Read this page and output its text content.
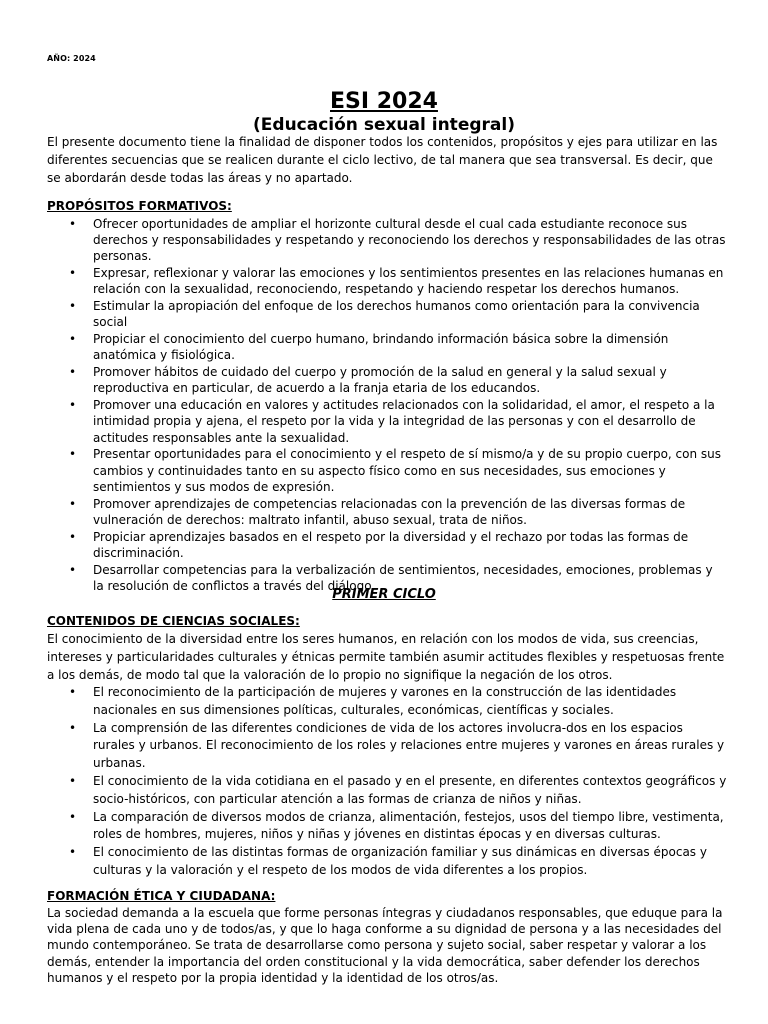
AÑO: 2024
ESI 2024
(Educación sexual integral)
El presente documento tiene la finalidad de disponer todos los contenidos, propósitos y ejes para utilizar en las diferentes secuencias que se realicen durante el ciclo lectivo, de tal manera que sea transversal. Es decir, que se abordarán desde todas las áreas y no apartado.
PROPÓSITOS FORMATIVOS:
• Ofrecer oportunidades de ampliar el horizonte cultural desde el cual cada estudiante reconoce sus derechos y responsabilidades y respetando y reconociendo los derechos y responsabilidades de las otras personas.
• Expresar, reflexionar y valorar las emociones y los sentimientos presentes en las relaciones humanas en relación con la sexualidad, reconociendo, respetando y haciendo respetar los derechos humanos.
• Estimular la apropiación del enfoque de los derechos humanos como orientación para la convivencia social
• Propiciar el conocimiento del cuerpo humano, brindando información básica sobre la dimensión anatómica y fisiológica.
• Promover hábitos de cuidado del cuerpo y promoción de la salud en general y la salud sexual y reproductiva en particular, de acuerdo a la franja etaria de los educandos.
• Promover una educación en valores y actitudes relacionados con la solidaridad, el amor, el respeto a la intimidad propia y ajena, el respeto por la vida y la integridad de las personas y con el desarrollo de actitudes responsables ante la sexualidad.
• Presentar oportunidades para el conocimiento y el respeto de sí mismo/a y de su propio cuerpo, con sus cambios y continuidades tanto en su aspecto físico como en sus necesidades, sus emociones y sentimientos y sus modos de expresión.
• Promover aprendizajes de competencias relacionadas con la prevención de las diversas formas de vulneración de derechos: maltrato infantil, abuso sexual, trata de niños.
• Propiciar aprendizajes basados en el respeto por la diversidad y el rechazo por todas las formas de discriminación.
• Desarrollar competencias para la verbalización de sentimientos, necesidades, emociones, problemas y la resolución de conflictos a través del diálogo.
PRIMER CICLO
CONTENIDOS DE CIENCIAS SOCIALES:
El conocimiento de la diversidad entre los seres humanos, en relación con los modos de vida, sus creencias, intereses y particularidades culturales y étnicas permite también asumir actitudes flexibles y respetuosas frente a los demás, de modo tal que la valoración de lo propio no signifique la negación de los otros.
• El reconocimiento de la participación de mujeres y varones en la construcción de las identidades nacionales en sus dimensiones políticas, culturales, económicas, científicas y sociales.
• La comprensión de las diferentes condiciones de vida de los actores involucra-dos en los espacios rurales y urbanos. El reconocimiento de los roles y relaciones entre mujeres y varones en áreas rurales y urbanas.
• El conocimiento de la vida cotidiana en el pasado y en el presente, en diferentes contextos geográficos y socio-históricos, con particular atención a las formas de crianza de niños y niñas.
• La comparación de diversos modos de crianza, alimentación, festejos, usos del tiempo libre, vestimenta, roles de hombres, mujeres, niños y niñas y jóvenes en distintas épocas y en diversas culturas.
• El conocimiento de las distintas formas de organización familiar y sus dinámicas en diversas épocas y culturas y la valoración y el respeto de los modos de vida diferentes a los propios.
FORMACIÓN ÉTICA Y CIUDADANA:
La sociedad demanda a la escuela que forme personas íntegras y ciudadanos responsables, que eduque para la vida plena de cada uno y de todos/as, y que lo haga conforme a su dignidad de persona y a las necesidades del mundo contemporáneo. Se trata de desarrollarse como persona y sujeto social, saber respetar y valorar a los demás, entender la importancia del orden constitucional y la vida democrática, saber defender los derechos humanos y el respeto por la propia identidad y la identidad de los otros/as.
